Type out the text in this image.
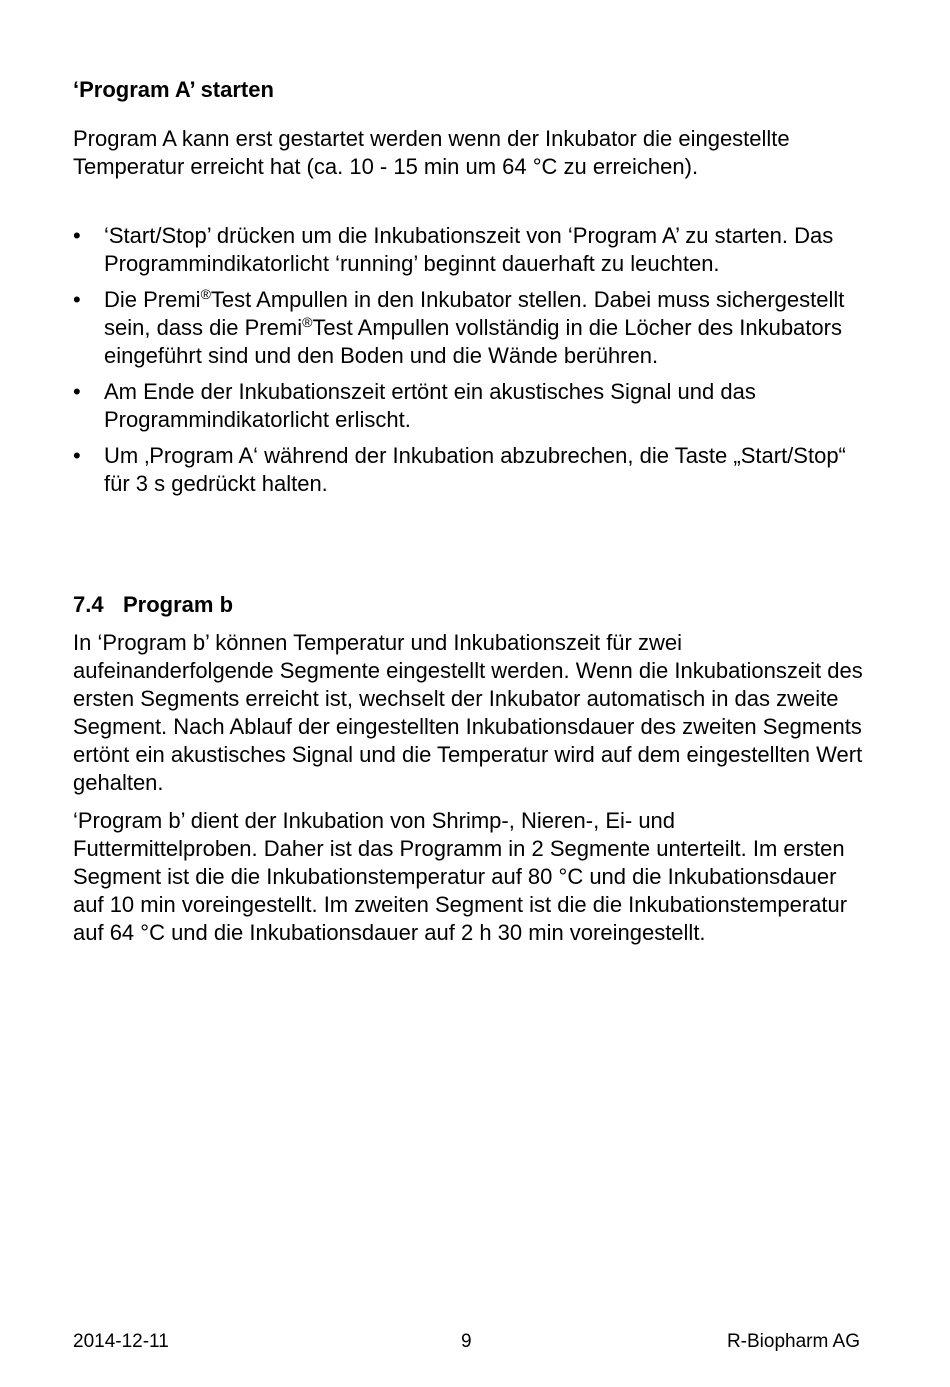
‘Program A’ starten

Program A kann erst gestartet werden wenn der Inkubator die eingestellte Temperatur erreicht hat (ca. 10 - 15 min um 64 °C zu erreichen).

• ‘Start/Stop’ drücken um die Inkubationszeit von ‘Program A’ zu starten. Das Programmindikatorlicht ‘running’ beginnt dauerhaft zu leuchten.
• Die Premi®Test Ampullen in den Inkubator stellen. Dabei muss sichergestellt sein, dass die Premi®Test Ampullen vollständig in die Löcher des Inkubators eingeführt sind und den Boden und die Wände berühren.
• Am Ende der Inkubationszeit ertönt ein akustisches Signal und das Programmindikatorlicht erlischt.
• Um ‚Program A‘ während der Inkubation abzubrechen, die Taste „Start/Stop“ für 3 s gedrückt halten.
7.4 Program b

In ‘Program b’ können Temperatur und Inkubationszeit für zwei aufeinanderfolgende Segmente eingestellt werden. Wenn die Inkubationszeit des ersten Segments erreicht ist, wechselt der Inkubator automatisch in das zweite Segment. Nach Ablauf der eingestellten Inkubationsdauer des zweiten Segments ertönt ein akustisches Signal und die Temperatur wird auf dem eingestellten Wert gehalten.

‘Program b’ dient der Inkubation von Shrimp-, Nieren-, Ei- und Futtermittelproben. Daher ist das Programm in 2 Segmente unterteilt. Im ersten Segment ist die die Inkubationstemperatur auf 80 °C und die Inkubationsdauer auf 10 min voreingestellt. Im zweiten Segment ist die die Inkubationstemperatur auf 64 °C und die Inkubationsdauer auf 2 h 30 min voreingestellt.

2014-12-11	9	R-Biopharm AG
